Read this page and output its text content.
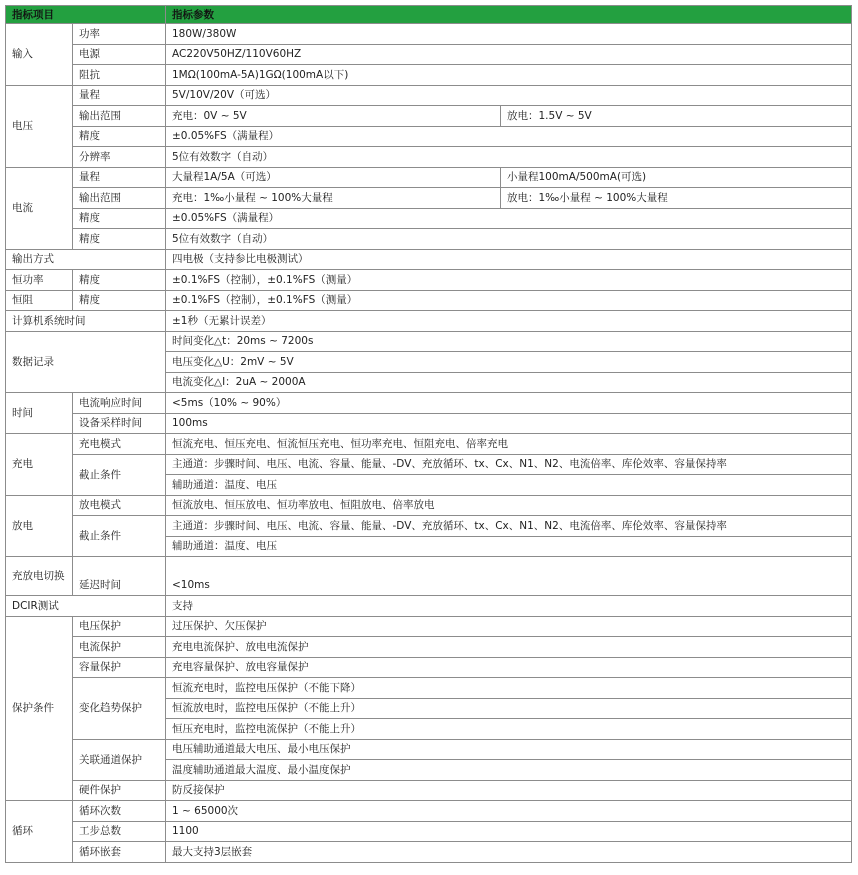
指标项目		指标参数	
输入	功率	180W/380W	
	电源	AC220V50HZ/110V60HZ	
	阻抗	1MΩ(100mA-5A)1GΩ(100mA以下)	
电压	量程	5V/10V/20V（可选）	
	输出范围	充电：0V ~ 5V	放电：1.5V ~ 5V
	精度	±0.05%FS（满量程）	
	分辨率	5位有效数字（自动）	
电流	量程	大量程1A/5A（可选）	小量程100mA/500mA(可选)
	输出范围	充电：1‰小量程 ~ 100%大量程	放电：1‰小量程 ~ 100%大量程
	精度	±0.05%FS（满量程）	
	精度	5位有效数字（自动）	
输出方式		四电极（支持参比电极测试）	
恒功率	精度	±0.1%FS（控制），±0.1%FS（测量）	
恒阻	精度	±0.1%FS（控制），±0.1%FS（测量）	
计算机系统时间		±1秒（无累计误差）	
数据记录		时间变化△t：20ms ~ 7200s	
		电压变化△U：2mV ~ 5V	
		电流变化△I：2uA ~ 2000A	
时间	电流响应时间	<5ms（10% ~ 90%）	
	设备采样时间	100ms	
充电	充电模式	恒流充电、恒压充电、恒流恒压充电、恒功率充电、恒阻充电、倍率充电	
	截止条件	主通道：步骤时间、电压、电流、容量、能量、-DV、充放循环、tx、Cx、N1、N2、电流倍率、库伦效率、容量保持率	
		辅助通道：温度、电压	
放电	放电模式	恒流放电、恒压放电、恒功率放电、恒阻放电、倍率放电	
	截止条件	主通道：步骤时间、电压、电流、容量、能量、-DV、充放循环、tx、Cx、N1、N2、电流倍率、库伦效率、容量保持率	
		辅助通道：温度、电压	
充放电切换	延迟时间	<10ms	
DCIR测试		支持	
保护条件	电压保护	过压保护、欠压保护	
	电流保护	充电电流保护、放电电流保护	
	容量保护	充电容量保护、放电容量保护	
	变化趋势保护	恒流充电时，监控电压保护（不能下降）	
		恒流放电时，监控电压保护（不能上升）	
		恒压充电时，监控电流保护（不能上升）	
	关联通道保护	电压辅助通道最大电压、最小电压保护	
		温度辅助通道最大温度、最小温度保护	
	硬件保护	防反接保护	
循环	循环次数	1 ~ 65000次	
	工步总数	1100	
	循环嵌套	最大支持3层嵌套	
